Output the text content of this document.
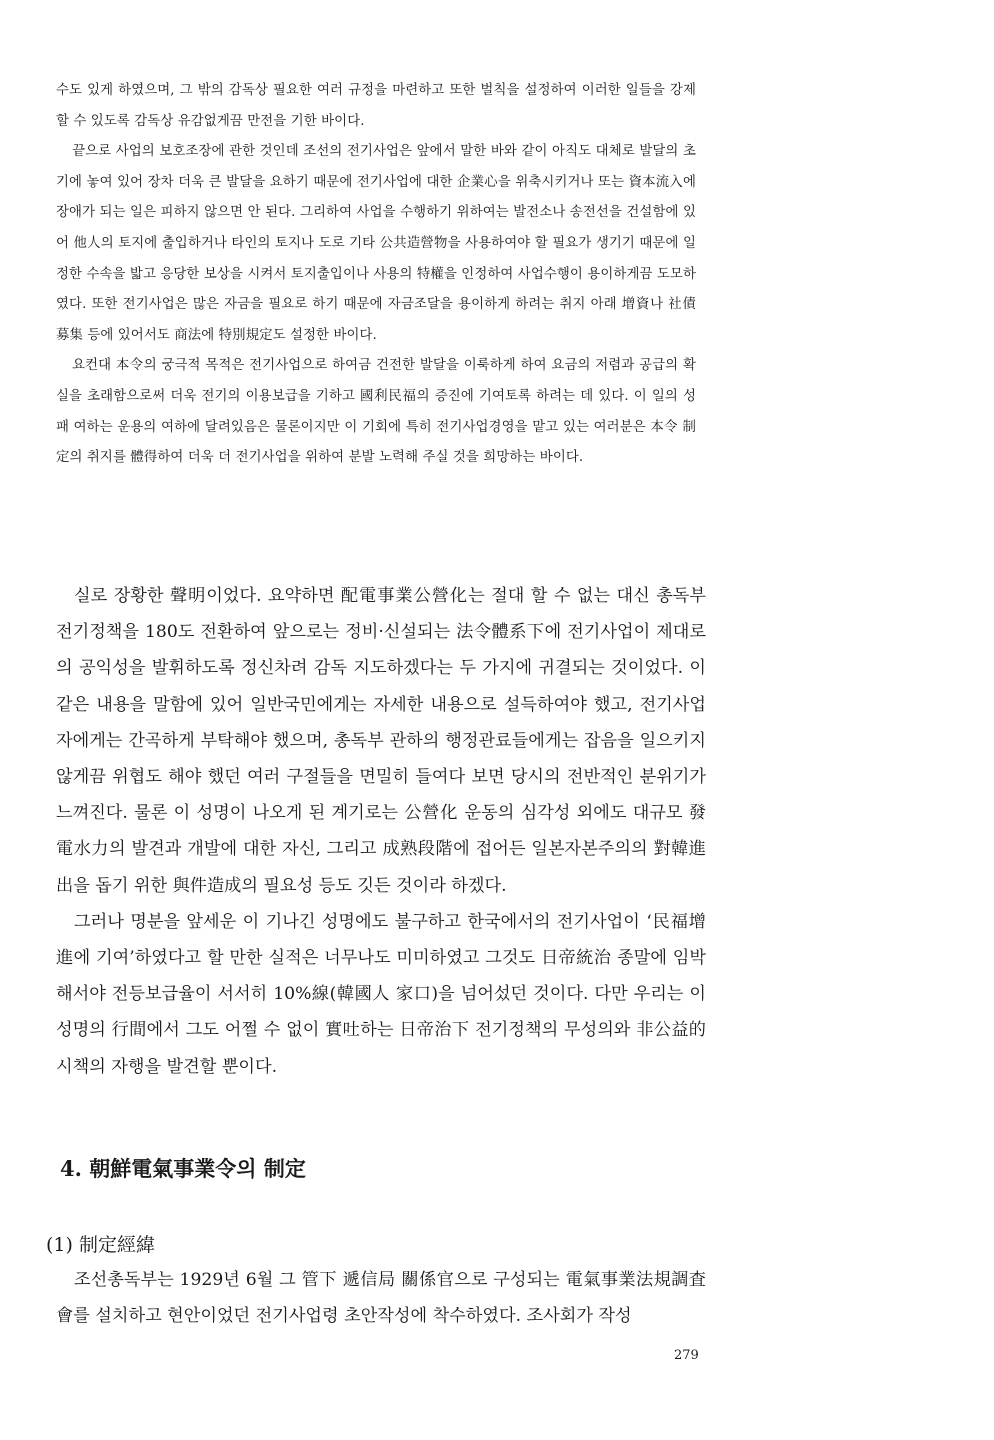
수도 있게 하였으며, 그 밖의 감독상 필요한 여러 규정을 마련하고 또한 벌칙을 설정하여 이러한 일들을 강제할 수 있도록 감독상 유감없게끔 만전을 기한 바이다.

끝으로 사업의 보호조장에 관한 것인데 조선의 전기사업은 앞에서 말한 바와 같이 아직도 대체로 발달의 초기에 놓여 있어 장차 더욱 큰 발달을 요하기 때문에 전기사업에 대한 企業心을 위축시키거나 또는 資本流入에 장애가 되는 일은 피하지 않으면 안 된다. 그리하여 사업을 수행하기 위하여는 발전소나 송전선을 건설함에 있어 他人의 토지에 출입하거나 타인의 토지나 도로 기타 公共造營物을 사용하여야 할 필요가 생기기 때문에 일정한 수속을 밟고 응당한 보상을 시켜서 토지출입이나 사용의 特權을 인정하여 사업수행이 용이하게끔 도모하였다. 또한 전기사업은 많은 자금을 필요로 하기 때문에 자금조달을 용이하게 하려는 취지 아래 增資나 社債募集 등에 있어서도 商法에 特別規定도 설정한 바이다.

요컨대 本令의 궁극적 목적은 전기사업으로 하여금 건전한 발달을 이룩하게 하여 요금의 저렴과 공급의 확실을 초래함으로써 더욱 전기의 이용보급을 기하고 國利民福의 증진에 기여토록 하려는 데 있다. 이 일의 성패 여하는 운용의 여하에 달려있음은 물론이지만 이 기회에 특히 전기사업경영을 맡고 있는 여러분은 本令 制定의 취지를 體得하여 더욱 더 전기사업을 위하여 분발 노력해 주실 것을 희망하는 바이다.

실로 장황한 聲明이었다. 요약하면 配電事業公營化는 절대 할 수 없는 대신 총독부 전기정책을 180도 전환하여 앞으로는 정비·신설되는 法令體系下에 전기사업이 제대로의 공익성을 발휘하도록 정신차려 감독 지도하겠다는 두 가지에 귀결되는 것이었다. 이 같은 내용을 말함에 있어 일반국민에게는 자세한 내용으로 설득하여야 했고, 전기사업자에게는 간곡하게 부탁해야 했으며, 총독부 관하의 행정관료들에게는 잡음을 일으키지 않게끔 위협도 해야 했던 여러 구절들을 면밀히 들여다 보면 당시의 전반적인 분위기가 느껴진다. 물론 이 성명이 나오게 된 계기로는 公營化 운동의 심각성 외에도 대규모 發電水力의 발견과 개발에 대한 자신, 그리고 成熟段階에 접어든 일본자본주의의 對韓進出을 돕기 위한 與件造成의 필요성 등도 깃든 것이라 하겠다.

그러나 명분을 앞세운 이 기나긴 성명에도 불구하고 한국에서의 전기사업이 ‘民福增進에 기여’하였다고 할 만한 실적은 너무나도 미미하였고 그것도 日帝統治 종말에 임박해서야 전등보급율이 서서히 10%線(韓國人 家口)을 넘어섰던 것이다. 다만 우리는 이 성명의 行間에서 그도 어쩔 수 없이 實吐하는 日帝治下 전기정책의 무성의와 非公益的 시책의 자행을 발견할 뿐이다.

4. 朝鮮電氣事業令의 制定
(1) 制定經緯

조선총독부는 1929년 6월 그 管下 遞信局 關係官으로 구성되는 電氣事業法規調査會를 설치하고 현안이었던 전기사업령 초안작성에 착수하였다. 조사회가 작성

279
